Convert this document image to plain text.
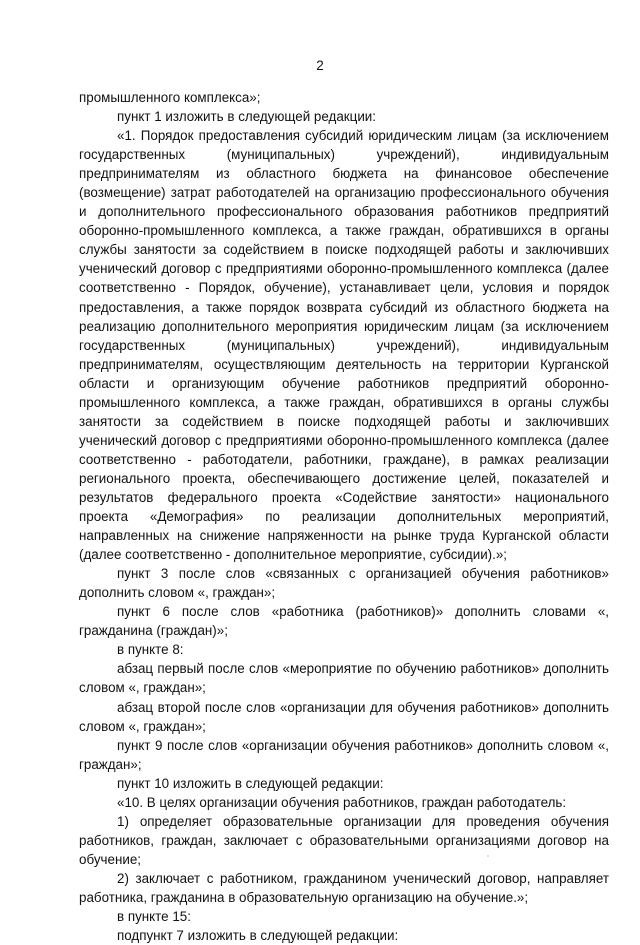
2

промышленного комплекса»;

пункт 1 изложить в следующей редакции:

«1. Порядок предоставления субсидий юридическим лицам (за исключением государственных (муниципальных) учреждений), индивидуальным предпринимателям из областного бюджета на финансовое обеспечение (возмещение) затрат работодателей на организацию профессионального обучения и дополнительного профессионального образования работников предприятий оборонно-промышленного комплекса, а также граждан, обратившихся в органы службы занятости за содействием в поиске подходящей работы и заключивших ученический договор с предприятиями оборонно-промышленного комплекса (далее соответственно - Порядок, обучение), устанавливает цели, условия и порядок предоставления, а также порядок возврата субсидий из областного бюджета на реализацию дополнительного мероприятия юридическим лицам (за исключением государственных (муниципальных) учреждений), индивидуальным предпринимателям, осуществляющим деятельность на территории Курганской области и организующим обучение работников предприятий оборонно-промышленного комплекса, а также граждан, обратившихся в органы службы занятости за содействием в поиске подходящей работы и заключивших ученический договор с предприятиями оборонно-промышленного комплекса (далее соответственно - работодатели, работники, граждане), в рамках реализации регионального проекта, обеспечивающего достижение целей, показателей и результатов федерального проекта «Содействие занятости» национального проекта «Демография» по реализации дополнительных мероприятий, направленных на снижение напряженности на рынке труда Курганской области (далее соответственно - дополнительное мероприятие, субсидии).»;

пункт 3 после слов «связанных с организацией обучения работников» дополнить словом «, граждан»;

пункт 6 после слов «работника (работников)» дополнить словами «, гражданина (граждан)»;

в пункте 8:

абзац первый после слов «мероприятие по обучению работников» дополнить словом «, граждан»;

абзац второй после слов «организации для обучения работников» дополнить словом «, граждан»;

пункт 9 после слов «организации обучения работников» дополнить словом «, граждан»;

пункт 10 изложить в следующей редакции:

«10. В целях организации обучения работников, граждан работодатель:

1) определяет образовательные организации для проведения обучения работников, граждан, заключает с образовательными организациями договор на обучение;

2) заключает с работником, гражданином ученический договор, направляет работника, гражданина в образовательную организацию на обучение.»;

в пункте 15:

подпункт 7 изложить в следующей редакции:
